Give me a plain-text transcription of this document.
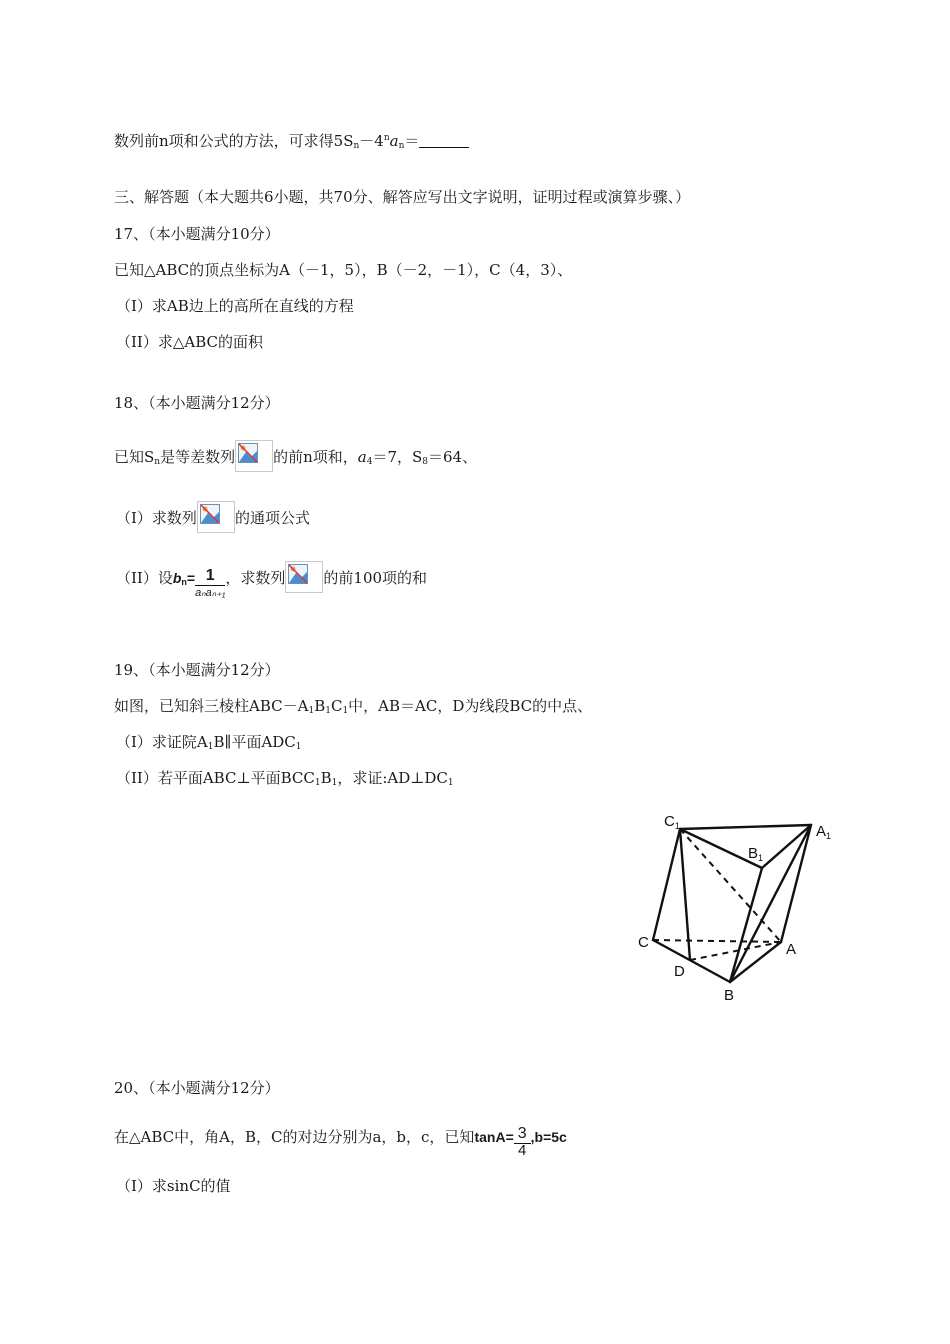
数列前n项和公式的方法，可求得$5S_n-4^na_n=$
三、解答题（本大题共6小题，共70分、解答应写出文字说明，证明过程或演算步骤、）
17、（本小题满分10分）
已知△ABC的顶点坐标为A（－1，5），B（－2，－1），C（4，3）、
（I）求AB边上的高所在直线的方程
（II）求△ABC的面积
18、（本小题满分12分）
已知$S_n$是等差数列	的前n项和，$a_4=7$，$S_8=64$、
（I）求数列	的通项公式
（II）设$b_n= \frac{1}{\text{aₙaₙ₊₁}}$ ，求数列	的前100项的和
19、（本小题满分12分）
如图，已知斜三棱柱$ABC-A_1B_1C_1$中，AB＝AC，D为线段BC的中点、
（I）求证院$A_1B\parallel$平面$ADC_1$
（II）若平面ABC⊥平面$BCC_1B_1$，求证$:AD\perp DC_1$
$C_1$	$A_1$
$B_1$
C	A
D
B
20、（本小题满分12分）
在△ABC中，角A，B，C的对边分别为a，b，c，已知$\tan A= \frac{3}{4} ,b=5c$
（I）求sinC的值
